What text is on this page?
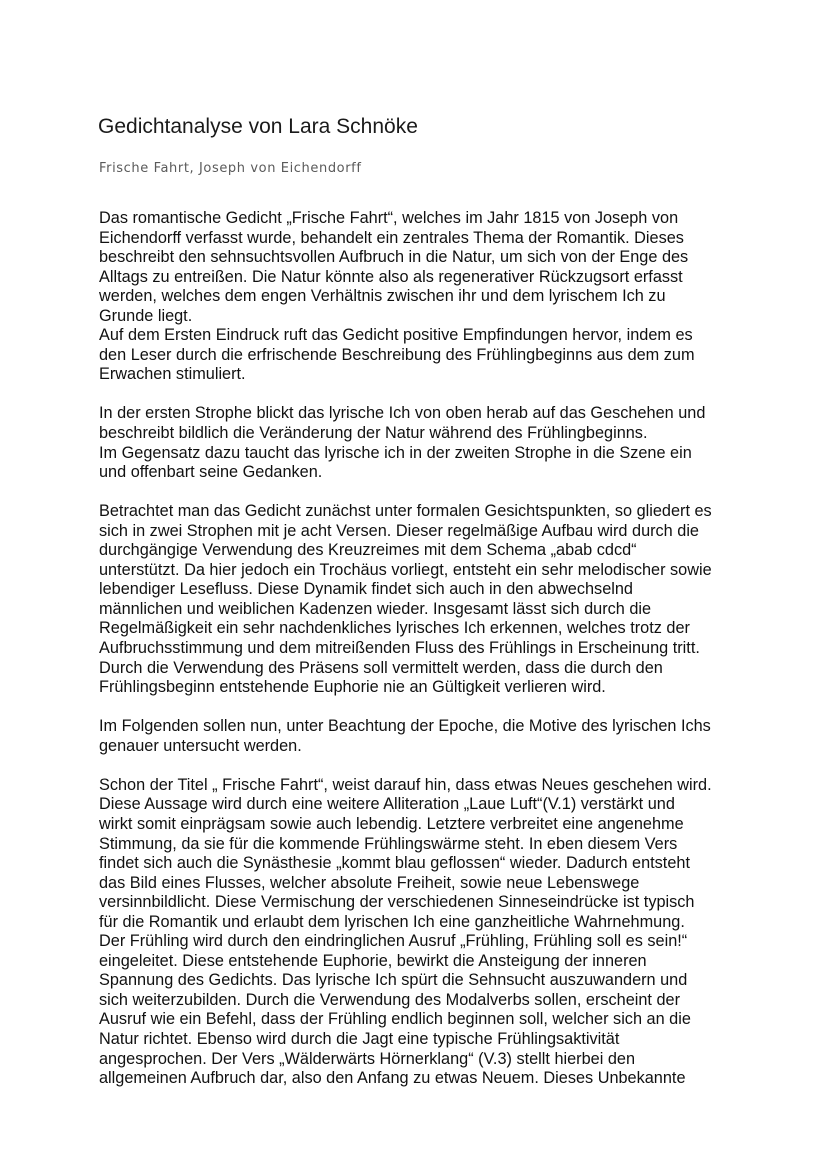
Gedichtanalyse von Lara Schnöke
Frische Fahrt, Joseph von Eichendorff

Das romantische Gedicht „Frische Fahrt“, welches im Jahr 1815 von Joseph von
Eichendorff verfasst wurde, behandelt ein zentrales Thema der Romantik. Dieses
beschreibt den sehnsuchtsvollen Aufbruch in die Natur, um sich von der Enge des
Alltags zu entreißen. Die Natur könnte also als regenerativer Rückzugsort erfasst
werden, welches dem engen Verhältnis zwischen ihr und dem lyrischem Ich zu
Grunde liegt.

Auf dem Ersten Eindruck ruft das Gedicht positive Empfindungen hervor, indem es
den Leser durch die erfrischende Beschreibung des Frühlingbeginns aus dem zum
Erwachen stimuliert.

In der ersten Strophe blickt das lyrische Ich von oben herab auf das Geschehen und
beschreibt bildlich die Veränderung der Natur während des Frühlingbeginns.

Im Gegensatz dazu taucht das lyrische ich in der zweiten Strophe in die Szene ein
und offenbart seine Gedanken.

Betrachtet man das Gedicht zunächst unter formalen Gesichtspunkten, so gliedert es
sich in zwei Strophen mit je acht Versen. Dieser regelmäßige Aufbau wird durch die
durchgängige Verwendung des Kreuzreimes mit dem Schema „abab cdcd“
unterstützt. Da hier jedoch ein Trochäus vorliegt, entsteht ein sehr melodischer sowie
lebendiger Lesefluss. Diese Dynamik findet sich auch in den abwechselnd
männlichen und weiblichen Kadenzen wieder. Insgesamt lässt sich durch die
Regelmäßigkeit ein sehr nachdenkliches lyrisches Ich erkennen, welches trotz der
Aufbruchsstimmung und dem mitreißenden Fluss des Frühlings in Erscheinung tritt.
Durch die Verwendung des Präsens soll vermittelt werden, dass die durch den
Frühlingsbeginn entstehende Euphorie nie an Gültigkeit verlieren wird.

Im Folgenden sollen nun, unter Beachtung der Epoche, die Motive des lyrischen Ichs
genauer untersucht werden.

Schon der Titel „ Frische Fahrt“, weist darauf hin, dass etwas Neues geschehen wird.
Diese Aussage wird durch eine weitere Alliteration „Laue Luft“(V.1) verstärkt und
wirkt somit einprägsam sowie auch lebendig. Letztere verbreitet eine angenehme
Stimmung, da sie für die kommende Frühlingswärme steht. In eben diesem Vers
findet sich auch die Synästhesie „kommt blau geflossen“ wieder. Dadurch entsteht
das Bild eines Flusses, welcher absolute Freiheit, sowie neue Lebenswege
versinnbildlicht. Diese Vermischung der verschiedenen Sinneseindrücke ist typisch
für die Romantik und erlaubt dem lyrischen Ich eine ganzheitliche Wahrnehmung.
Der Frühling wird durch den eindringlichen Ausruf „Frühling, Frühling soll es sein!“
eingeleitet. Diese entstehende Euphorie, bewirkt die Ansteigung der inneren
Spannung des Gedichts. Das lyrische Ich spürt die Sehnsucht auszuwandern und
sich weiterzubilden. Durch die Verwendung des Modalverbs sollen, erscheint der
Ausruf wie ein Befehl, dass der Frühling endlich beginnen soll, welcher sich an die
Natur richtet. Ebenso wird durch die Jagt eine typische Frühlingsaktivität
angesprochen. Der Vers „Wälderwärts Hörnerklang“ (V.3) stellt hierbei den
allgemeinen Aufbruch dar, also den Anfang zu etwas Neuem. Dieses Unbekannte
